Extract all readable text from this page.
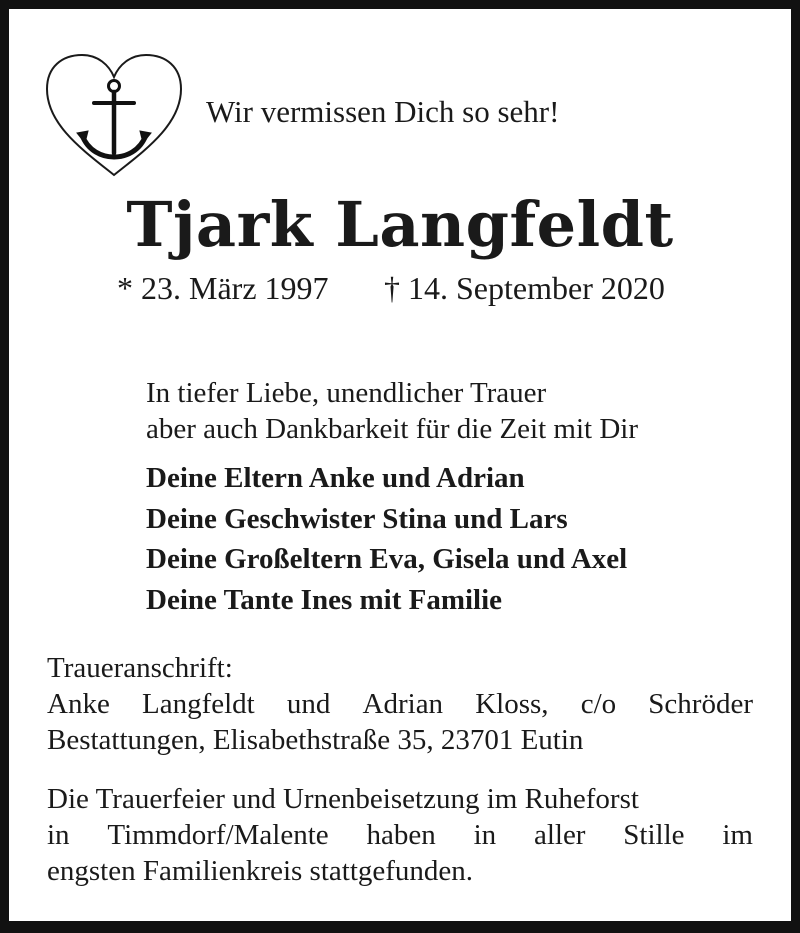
Wir vermissen Dich so sehr!
Tjark Langfeldt
* 23. März 1997 † 14. September 2020
In tiefer Liebe, unendlicher Trauer
aber auch Dankbarkeit für die Zeit mit Dir
Deine Eltern Anke und Adrian
Deine Geschwister Stina und Lars
Deine Großeltern Eva, Gisela und Axel
Deine Tante Ines mit Familie
Traueranschrift:
Anke Langfeldt und Adrian Kloss, c/o Schröder
Bestattungen, Elisabethstraße 35, 23701 Eutin
Die Trauerfeier und Urnenbeisetzung im Ruheforst
in Timmdorf/Malente haben in aller Stille im
engsten Familienkreis stattgefunden.
